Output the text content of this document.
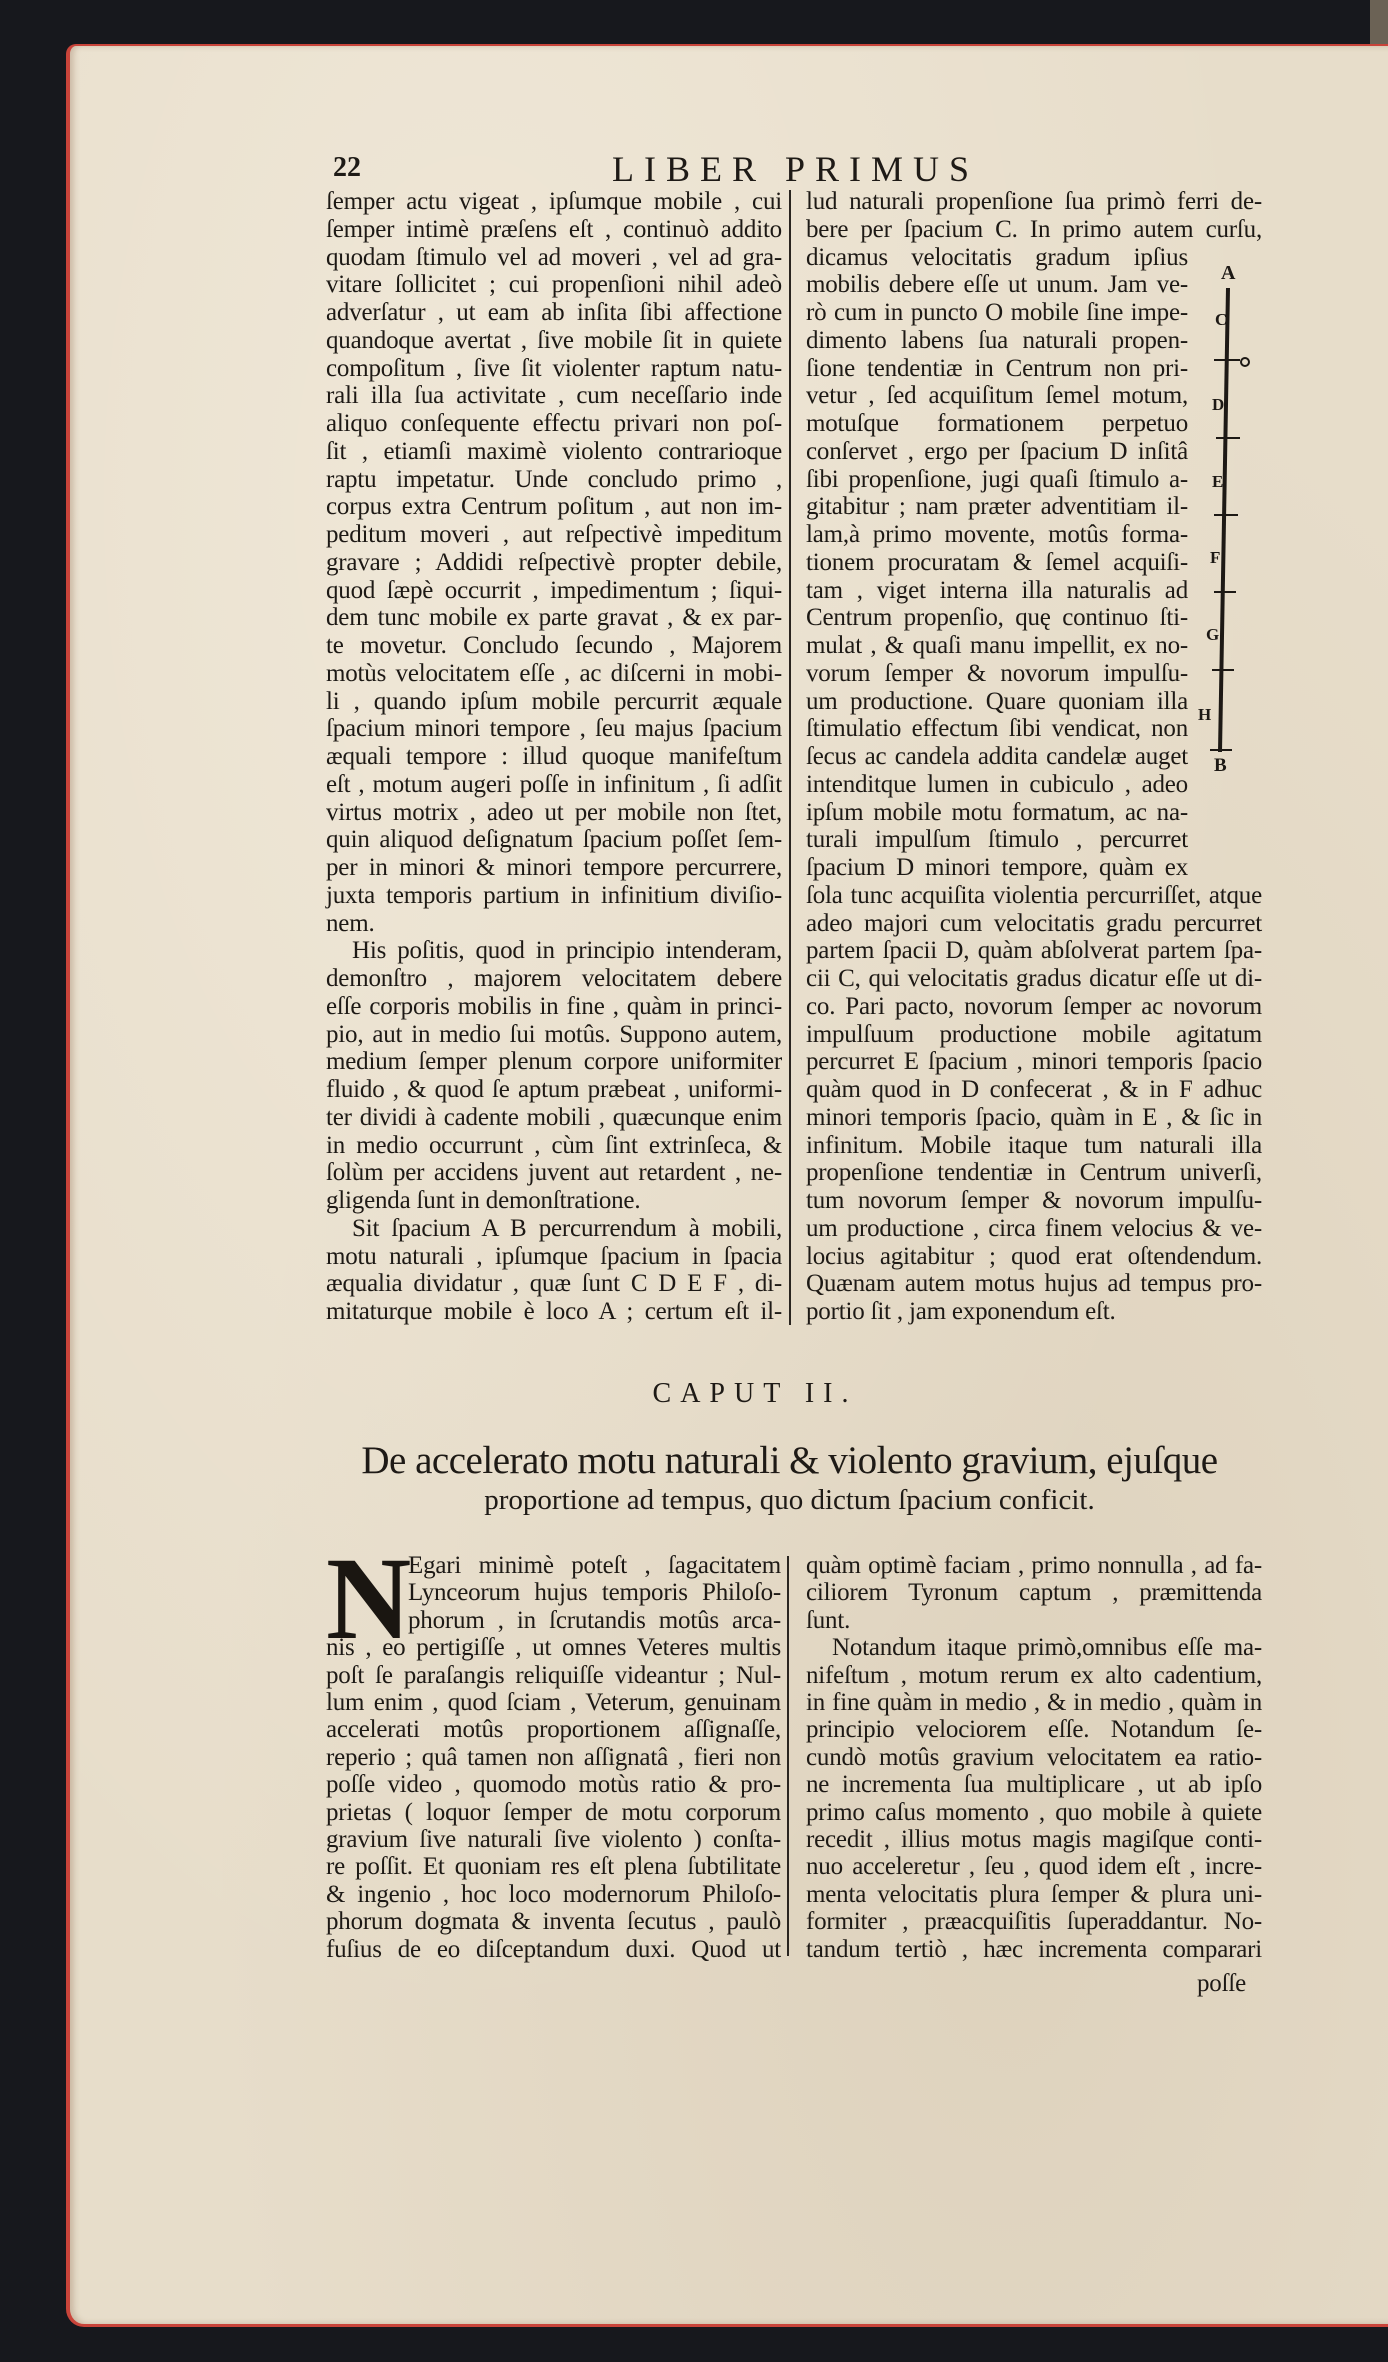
22	LIBER PRIMUS
ſemper actu vigeat , ipſumque mobile , cui
ſemper intimè præſens eſt , continuò addito
quodam ſtimulo vel ad moveri , vel ad gra-
vitare ſollicitet ; cui propenſioni nihil adeò
adverſatur , ut eam ab inſita ſibi affectione
quandoque avertat , ſive mobile ſit in quiete
compoſitum , ſive ſit violenter raptum natu-
rali illa ſua activitate , cum neceſſario inde
aliquo conſequente effectu privari non poſ-
ſit , etiamſi maximè violento contrarioque
raptu impetatur. Unde concludo primo ,
corpus extra Centrum poſitum , aut non im-
peditum moveri , aut reſpectivè impeditum
gravare ; Addidi reſpectivè propter debile,
quod ſæpè occurrit , impedimentum ; ſiqui-
dem tunc mobile ex parte gravat , & ex par-
te movetur. Concludo ſecundo , Majorem
motùs velocitatem eſſe , ac diſcerni in mobi-
li , quando ipſum mobile percurrit æquale
ſpacium minori tempore , ſeu majus ſpacium
æquali tempore : illud quoque manifeſtum
eſt , motum augeri poſſe in infinitum , ſi adſit
virtus motrix , adeo ut per mobile non ſtet,
quin aliquod deſignatum ſpacium poſſet ſem-
per in minori & minori tempore percurrere,
juxta temporis partium in infinitium diviſio-
nem.
His poſitis, quod in principio intenderam,
demonſtro , majorem velocitatem debere
eſſe corporis mobilis in fine , quàm in princi-
pio, aut in medio ſui motûs. Suppono autem,
medium ſemper plenum corpore uniformiter
fluido , & quod ſe aptum præbeat , uniformi-
ter dividi à cadente mobili , quæcunque enim
in medio occurrunt , cùm ſint extrinſeca, &
ſolùm per accidens juvent aut retardent , ne-
gligenda ſunt in demonſtratione.
Sit ſpacium A B percurrendum à mobili,
motu naturali , ipſumque ſpacium in ſpacia
æqualia dividatur , quæ ſunt C D E F , di-
mitaturque mobile è loco A ; certum eſt il-
lud naturali propenſione ſua primò ferri de-
bere per ſpacium C. In primo autem curſu,
dicamus velocitatis gradum ipſius
mobilis debere eſſe ut unum. Jam ve-
rò cum in puncto O mobile ſine impe-
dimento labens ſua naturali propen-
ſione tendentiæ in Centrum non pri-
vetur , ſed acquiſitum ſemel motum,
motuſque formationem perpetuo
conſervet , ergo per ſpacium D inſitâ
ſibi propenſione, jugi quaſi ſtimulo a-
gitabitur ; nam præter adventitiam il-
lam,à primo movente, motûs forma-
tionem procuratam & ſemel acquiſi-
tam , viget interna illa naturalis ad
Centrum propenſio, quę continuo ſti-
mulat , & quaſi manu impellit, ex no-
vorum ſemper & novorum impulſu-
um productione. Quare quoniam illa
ſtimulatio effectum ſibi vendicat, non
ſecus ac candela addita candelæ auget
intenditque lumen in cubiculo , adeo
ipſum mobile motu formatum, ac na-
turali impulſum ſtimulo , percurret
ſpacium D minori tempore, quàm ex
ſola tunc acquiſita violentia percurriſſet, atque
adeo majori cum velocitatis gradu percurret
partem ſpacii D, quàm abſolverat partem ſpa-
cii C, qui velocitatis gradus dicatur eſſe ut di-
co. Pari pacto, novorum ſemper ac novorum
impulſuum productione mobile agitatum
percurret E ſpacium , minori temporis ſpacio
quàm quod in D confecerat , & in F adhuc
minori temporis ſpacio, quàm in E , & ſic in
infinitum. Mobile itaque tum naturali illa
propenſione tendentiæ in Centrum univerſi,
tum novorum ſemper & novorum impulſu-
um productione , circa finem velocius & ve-
locius agitabitur ; quod erat oſtendendum.
Quænam autem motus hujus ad tempus pro-
portio ſit , jam exponendum eſt.
A
C
D
E
F
G
H
B
CAPUT II.
De accelerato motu naturali & violento gravium, ejuſque
proportione ad tempus, quo dictum ſpacium conficit.
N
Egari minimè poteſt , ſagacitatem
Lynceorum hujus temporis Philoſo-
phorum , in ſcrutandis motûs arca-
nis , eo pertigiſſe , ut omnes Veteres multis
poſt ſe paraſangis reliquiſſe videantur ; Nul-
lum enim , quod ſciam , Veterum, genuinam
accelerati motûs proportionem aſſignaſſe,
reperio ; quâ tamen non aſſignatâ , fieri non
poſſe video , quomodo motùs ratio & pro-
prietas ( loquor ſemper de motu corporum
gravium ſive naturali ſive violento ) conſta-
re poſſit. Et quoniam res eſt plena ſubtilitate
& ingenio , hoc loco modernorum Philoſo-
phorum dogmata & inventa ſecutus , paulò
fuſius de eo diſceptandum duxi. Quod ut
quàm optimè faciam , primo nonnulla , ad fa-
ciliorem Tyronum captum , præmittenda
ſunt.
Notandum itaque primò,omnibus eſſe ma-
nifeſtum , motum rerum ex alto cadentium,
in fine quàm in medio , & in medio , quàm in
principio velociorem eſſe. Notandum ſe-
cundò motûs gravium velocitatem ea ratio-
ne incrementa ſua multiplicare , ut ab ipſo
primo caſus momento , quo mobile à quiete
recedit , illius motus magis magiſque conti-
nuo acceleretur , ſeu , quod idem eſt , incre-
menta velocitatis plura ſemper & plura uni-
formiter , præacquiſitis ſuperaddantur. No-
tandum tertiò , hæc incrementa comparari
poſſe
